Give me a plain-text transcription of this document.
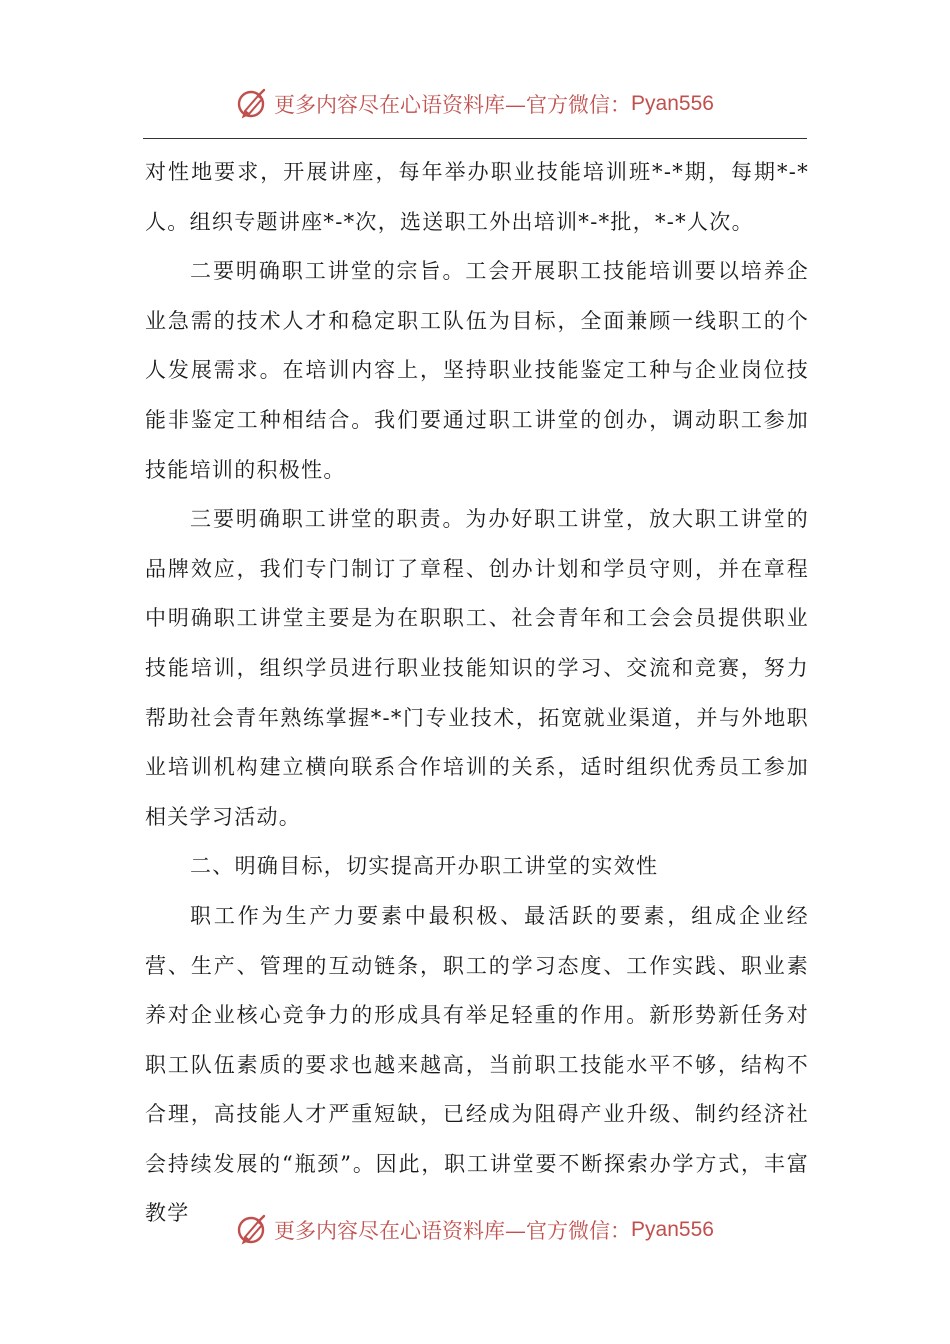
更多内容尽在心语资料库—官方微信： Pyan556

对性地要求，开展讲座，每年举办职业技能培训班*-*期，每期*-*人。组织专题讲座*-*次，选送职工外出培训*-*批，*-*人次。

二要明确职工讲堂的宗旨。工会开展职工技能培训要以培养企业急需的技术人才和稳定职工队伍为目标，全面兼顾一线职工的个人发展需求。在培训内容上，坚持职业技能鉴定工种与企业岗位技能非鉴定工种相结合。我们要通过职工讲堂的创办，调动职工参加技能培训的积极性。

三要明确职工讲堂的职责。为办好职工讲堂，放大职工讲堂的品牌效应，我们专门制订了章程、创办计划和学员守则，并在章程中明确职工讲堂主要是为在职职工、社会青年和工会会员提供职业技能培训，组织学员进行职业技能知识的学习、交流和竞赛，努力帮助社会青年熟练掌握*-*门专业技术，拓宽就业渠道，并与外地职业培训机构建立横向联系合作培训的关系，适时组织优秀员工参加相关学习活动。

二、明确目标，切实提高开办职工讲堂的实效性

职工作为生产力要素中最积极、最活跃的要素，组成企业经营、生产、管理的互动链条，职工的学习态度、工作实践、职业素养对企业核心竞争力的形成具有举足轻重的作用。新形势新任务对职工队伍素质的要求也越来越高，当前职工技能水平不够，结构不合理，高技能人才严重短缺，已经成为阻碍产业升级、制约经济社会持续发展的“瓶颈”。因此，职工讲堂要不断探索办学方式，丰富教学

更多内容尽在心语资料库—官方微信： Pyan556
